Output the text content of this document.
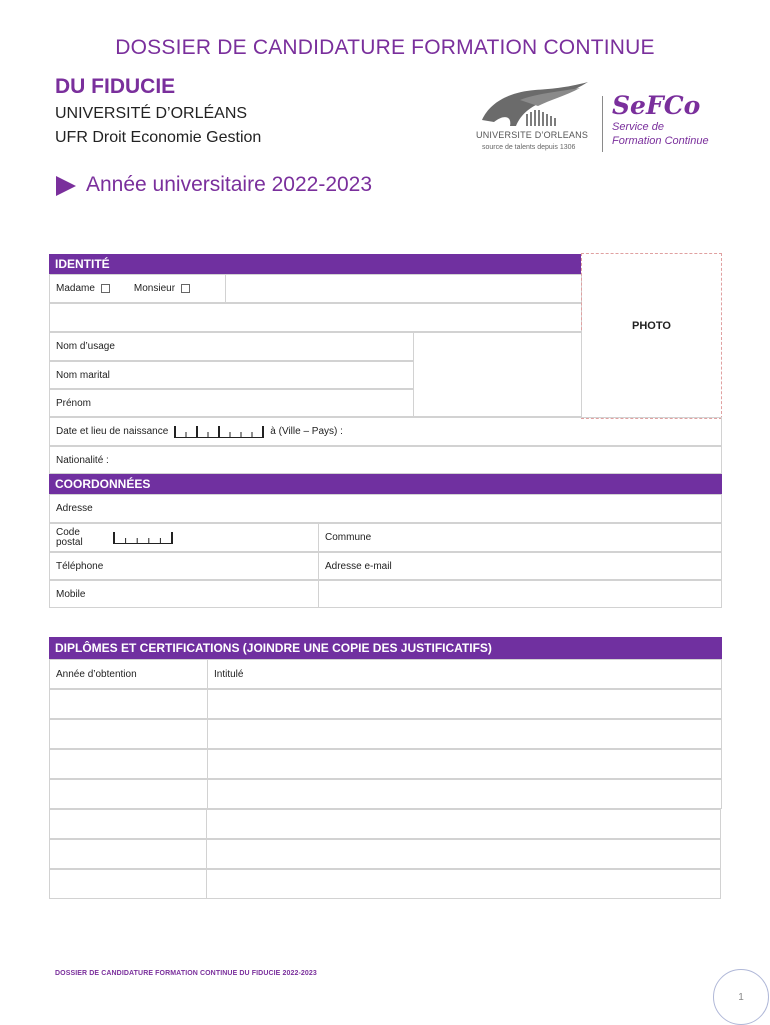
DOSSIER DE CANDIDATURE FORMATION CONTINUE
DU FIDUCIE
UNIVERSITÉ D’ORLÉANS
UFR Droit Economie Gestion
Année universitaire 2022-2023
UNIVERSITE D’ORLEANS
source de talents depuis 1306
SeFCo
Service de
Formation Continue
IDENTITÉ
Madame	Monsieur
PHOTO
Nom d’usage
Nom marital
Prénom
Date et lieu de naissance	à (Ville – Pays) :
Nationalité :
COORDONNÉES
Adresse
Code
postal	Commune
Téléphone	Adresse e-mail
Mobile
DIPLÔMES ET CERTIFICATIONS (JOINDRE UNE COPIE DES JUSTIFICATIFS)
Année d’obtention	Intitulé
DOSSIER DE CANDIDATURE FORMATION CONTINUE DU FIDUCIE 2022-2023
1
